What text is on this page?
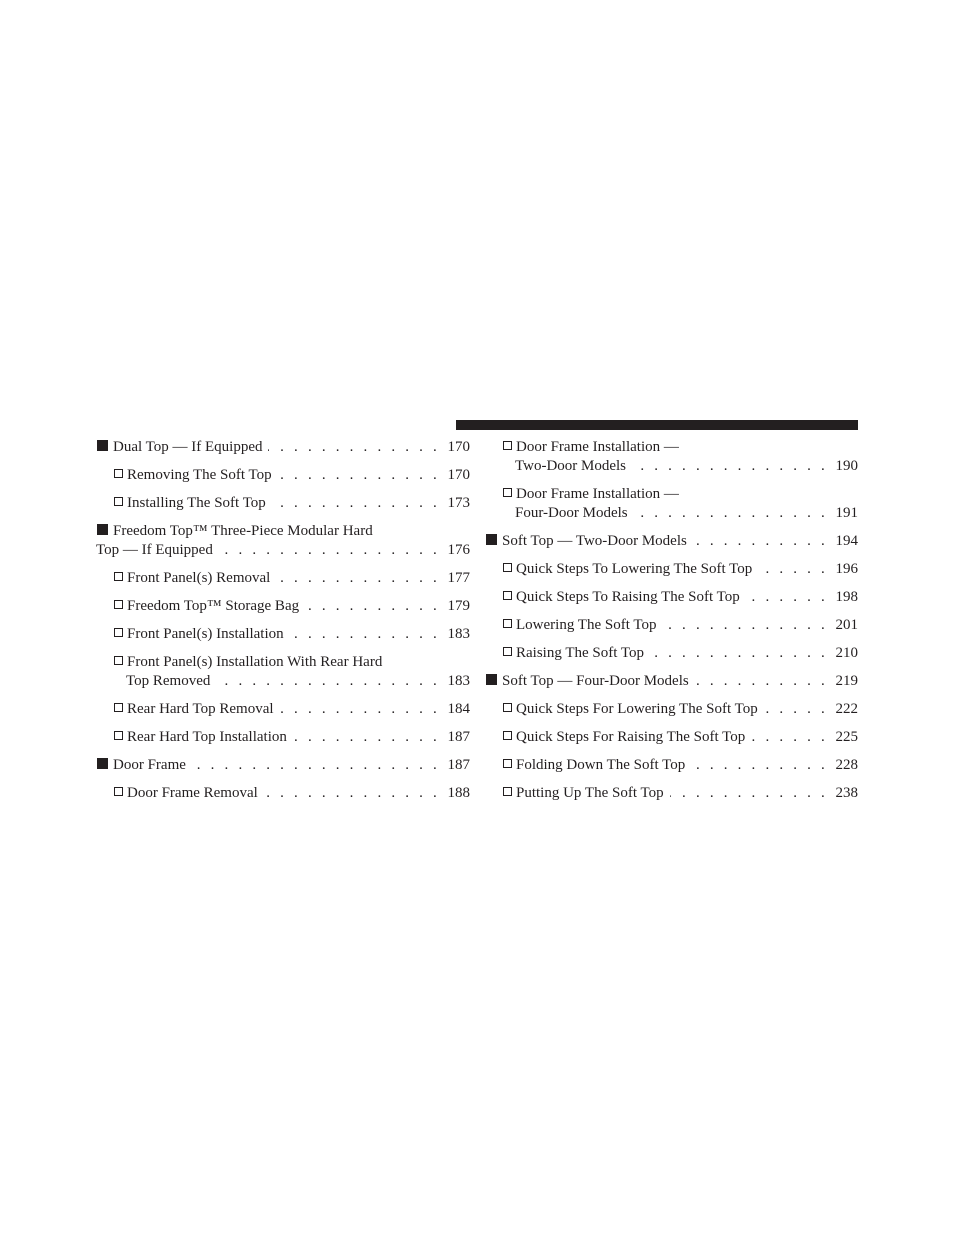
Dual Top — If Equipped . . .	170
Removing The Soft Top . . .	170
Installing The Soft Top . . .	173
Freedom Top™ Three-Piece Modular Hard
Top — If Equipped . . .	176
Front Panel(s) Removal . . .	177
Freedom Top™ Storage Bag . . .	179
Front Panel(s) Installation . . .	183
Front Panel(s) Installation With Rear Hard
Top Removed . . .	183
Rear Hard Top Removal . . .	184
Rear Hard Top Installation . . .	187
Door Frame . . .	187
Door Frame Removal . . .	188
Door Frame Installation —
Two-Door Models . . .	190
Door Frame Installation —
Four-Door Models . . .	191
Soft Top — Two-Door Models . . .	194
Quick Steps To Lowering The Soft Top . . .	196
Quick Steps To Raising The Soft Top . . .	198
Lowering The Soft Top . . .	201
Raising The Soft Top . . .	210
Soft Top — Four-Door Models . . .	219
Quick Steps For Lowering The Soft Top . . .	222
Quick Steps For Raising The Soft Top . . .	225
Folding Down The Soft Top . . .	228
Putting Up The Soft Top . . .	238
